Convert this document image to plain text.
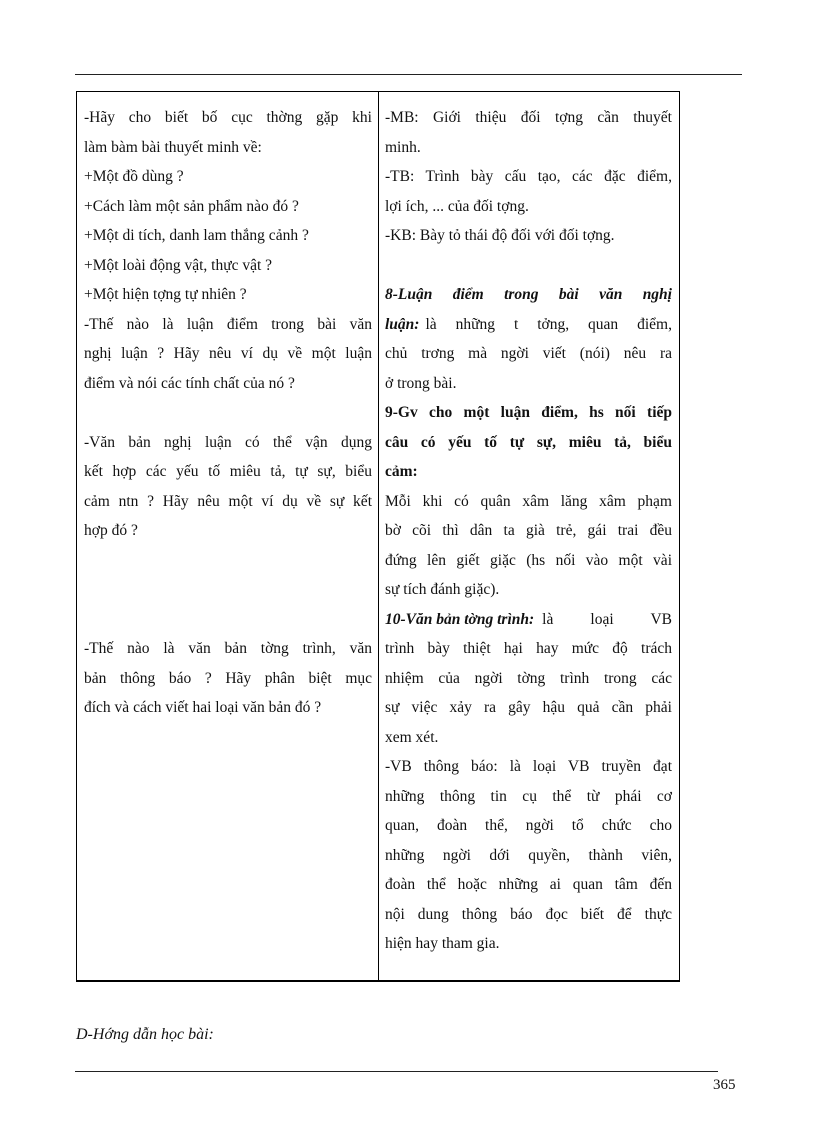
-Hãy cho biết bố cục thờng gặp khi
làm bàm bài thuyết minh về:
+Một đồ dùng ?
+Cách làm một sản phẩm nào đó ?
+Một di tích, danh lam thắng cảnh ?
+Một loài động vật, thực vật ?
+Một hiện tợng tự nhiên ?
-Thế nào là luận điểm trong bài văn
nghị luận ? Hãy nêu ví dụ về một luận
điểm và nói các tính chất của nó ?
-Văn bản nghị luận có thể vận dụng
kết hợp các yếu tố miêu tả, tự sự, biểu
cảm ntn ? Hãy nêu một ví dụ về sự kết
hợp đó ?
-Thế nào là văn bản tờng trình, văn
bản thông báo ? Hãy phân biệt mục
đích và cách viết hai loại văn bản đó ?
-MB: Giới thiệu đối tợng cần thuyết
minh.
-TB: Trình bày cấu tạo, các đặc điểm,
lợi ích, ... của đối tợng.
-KB: Bày tỏ thái độ đối với đối tợng.
8-Luận điểm trong bài văn nghị
luận: là những t tởng, quan điểm,
chủ trơng mà ngời viết (nói) nêu ra
ở trong bài.
9-Gv cho một luận điểm, hs nối tiếp
câu có yếu tố tự sự, miêu tả, biểu
cảm:
Mỗi khi có quân xâm lăng xâm phạm
bờ cõi thì dân ta già trẻ, gái trai đều
đứng lên giết giặc (hs nối vào một vài
sự tích đánh giặc).
10-Văn bản tờng trình: là loại VB
trình bày thiệt hại hay mức độ trách
nhiệm của ngời tờng trình trong các
sự việc xảy ra gây hậu quả cần phải
xem xét.
-VB thông báo: là loại VB truyền đạt
những thông tin cụ thể từ phái cơ
quan, đoàn thể, ngời tổ chức cho
những ngời dới quyền, thành viên,
đoàn thể hoặc những ai quan tâm đến
nội dung thông báo đọc biết để thực
hiện hay tham gia.
D-Hớng dẫn học bài:
365
